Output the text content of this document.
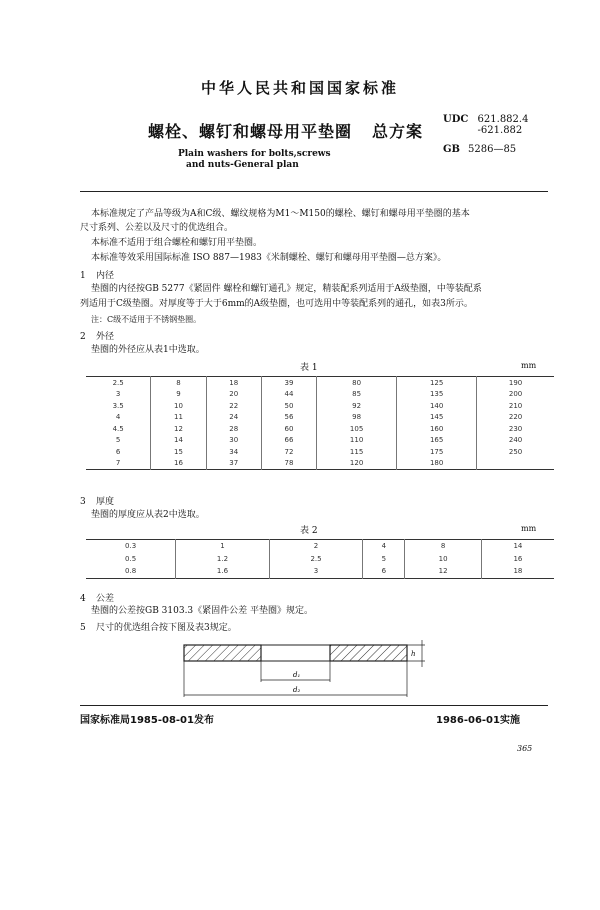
中华人民共和国国家标准
螺栓、螺钉和螺母用平垫圈 总方案
UDC 621.882.4
-621.882
GB 5286—85
Plain washers for bolts,screws
and nuts-General plan
本标准规定了产品等级为A和C级、螺纹规格为M1～M150的螺栓、螺钉和螺母用平垫圈的基本
尺寸系列、公差以及尺寸的优选组合。
本标准不适用于组合螺栓和螺钉用平垫圈。
本标准等效采用国际标准 ISO 887—1983《米制螺栓、螺钉和螺母用平垫圈—总方案》。
1 内径
垫圈的内径按GB 5277《紧固件 螺栓和螺钉通孔》规定，精装配系列适用于A级垫圈，中等装配系
列适用于C级垫圈。对厚度等于大于6mm的A级垫圈，也可选用中等装配系列的通孔，如表3所示。
注：C级不适用于不锈钢垫圈。
2 外径
垫圈的外径应从表1中选取。
表 1	mm
2.5	8	18	39	80	125	190
3	9	20	44	85	135	200
3.5	10	22	50	92	140	210
4	11	24	56	98	145	220
4.5	12	28	60	105	160	230
5	14	30	66	110	165	240
6	15	34	72	115	175	250
7	16	37	78	120	180	
3 厚度
垫圈的厚度应从表2中选取。
表 2	mm
0.3	1	2	4	8	14
0.5	1.2	2.5	5	10	16
0.8	1.6	3	6	12	18
4 公差
垫圈的公差按GB 3103.3《紧固件公差 平垫圈》规定。
5 尺寸的优选组合按下图及表3规定。
h
d₁
d₂
国家标准局1985-08-01发布	1986-06-01实施
365
